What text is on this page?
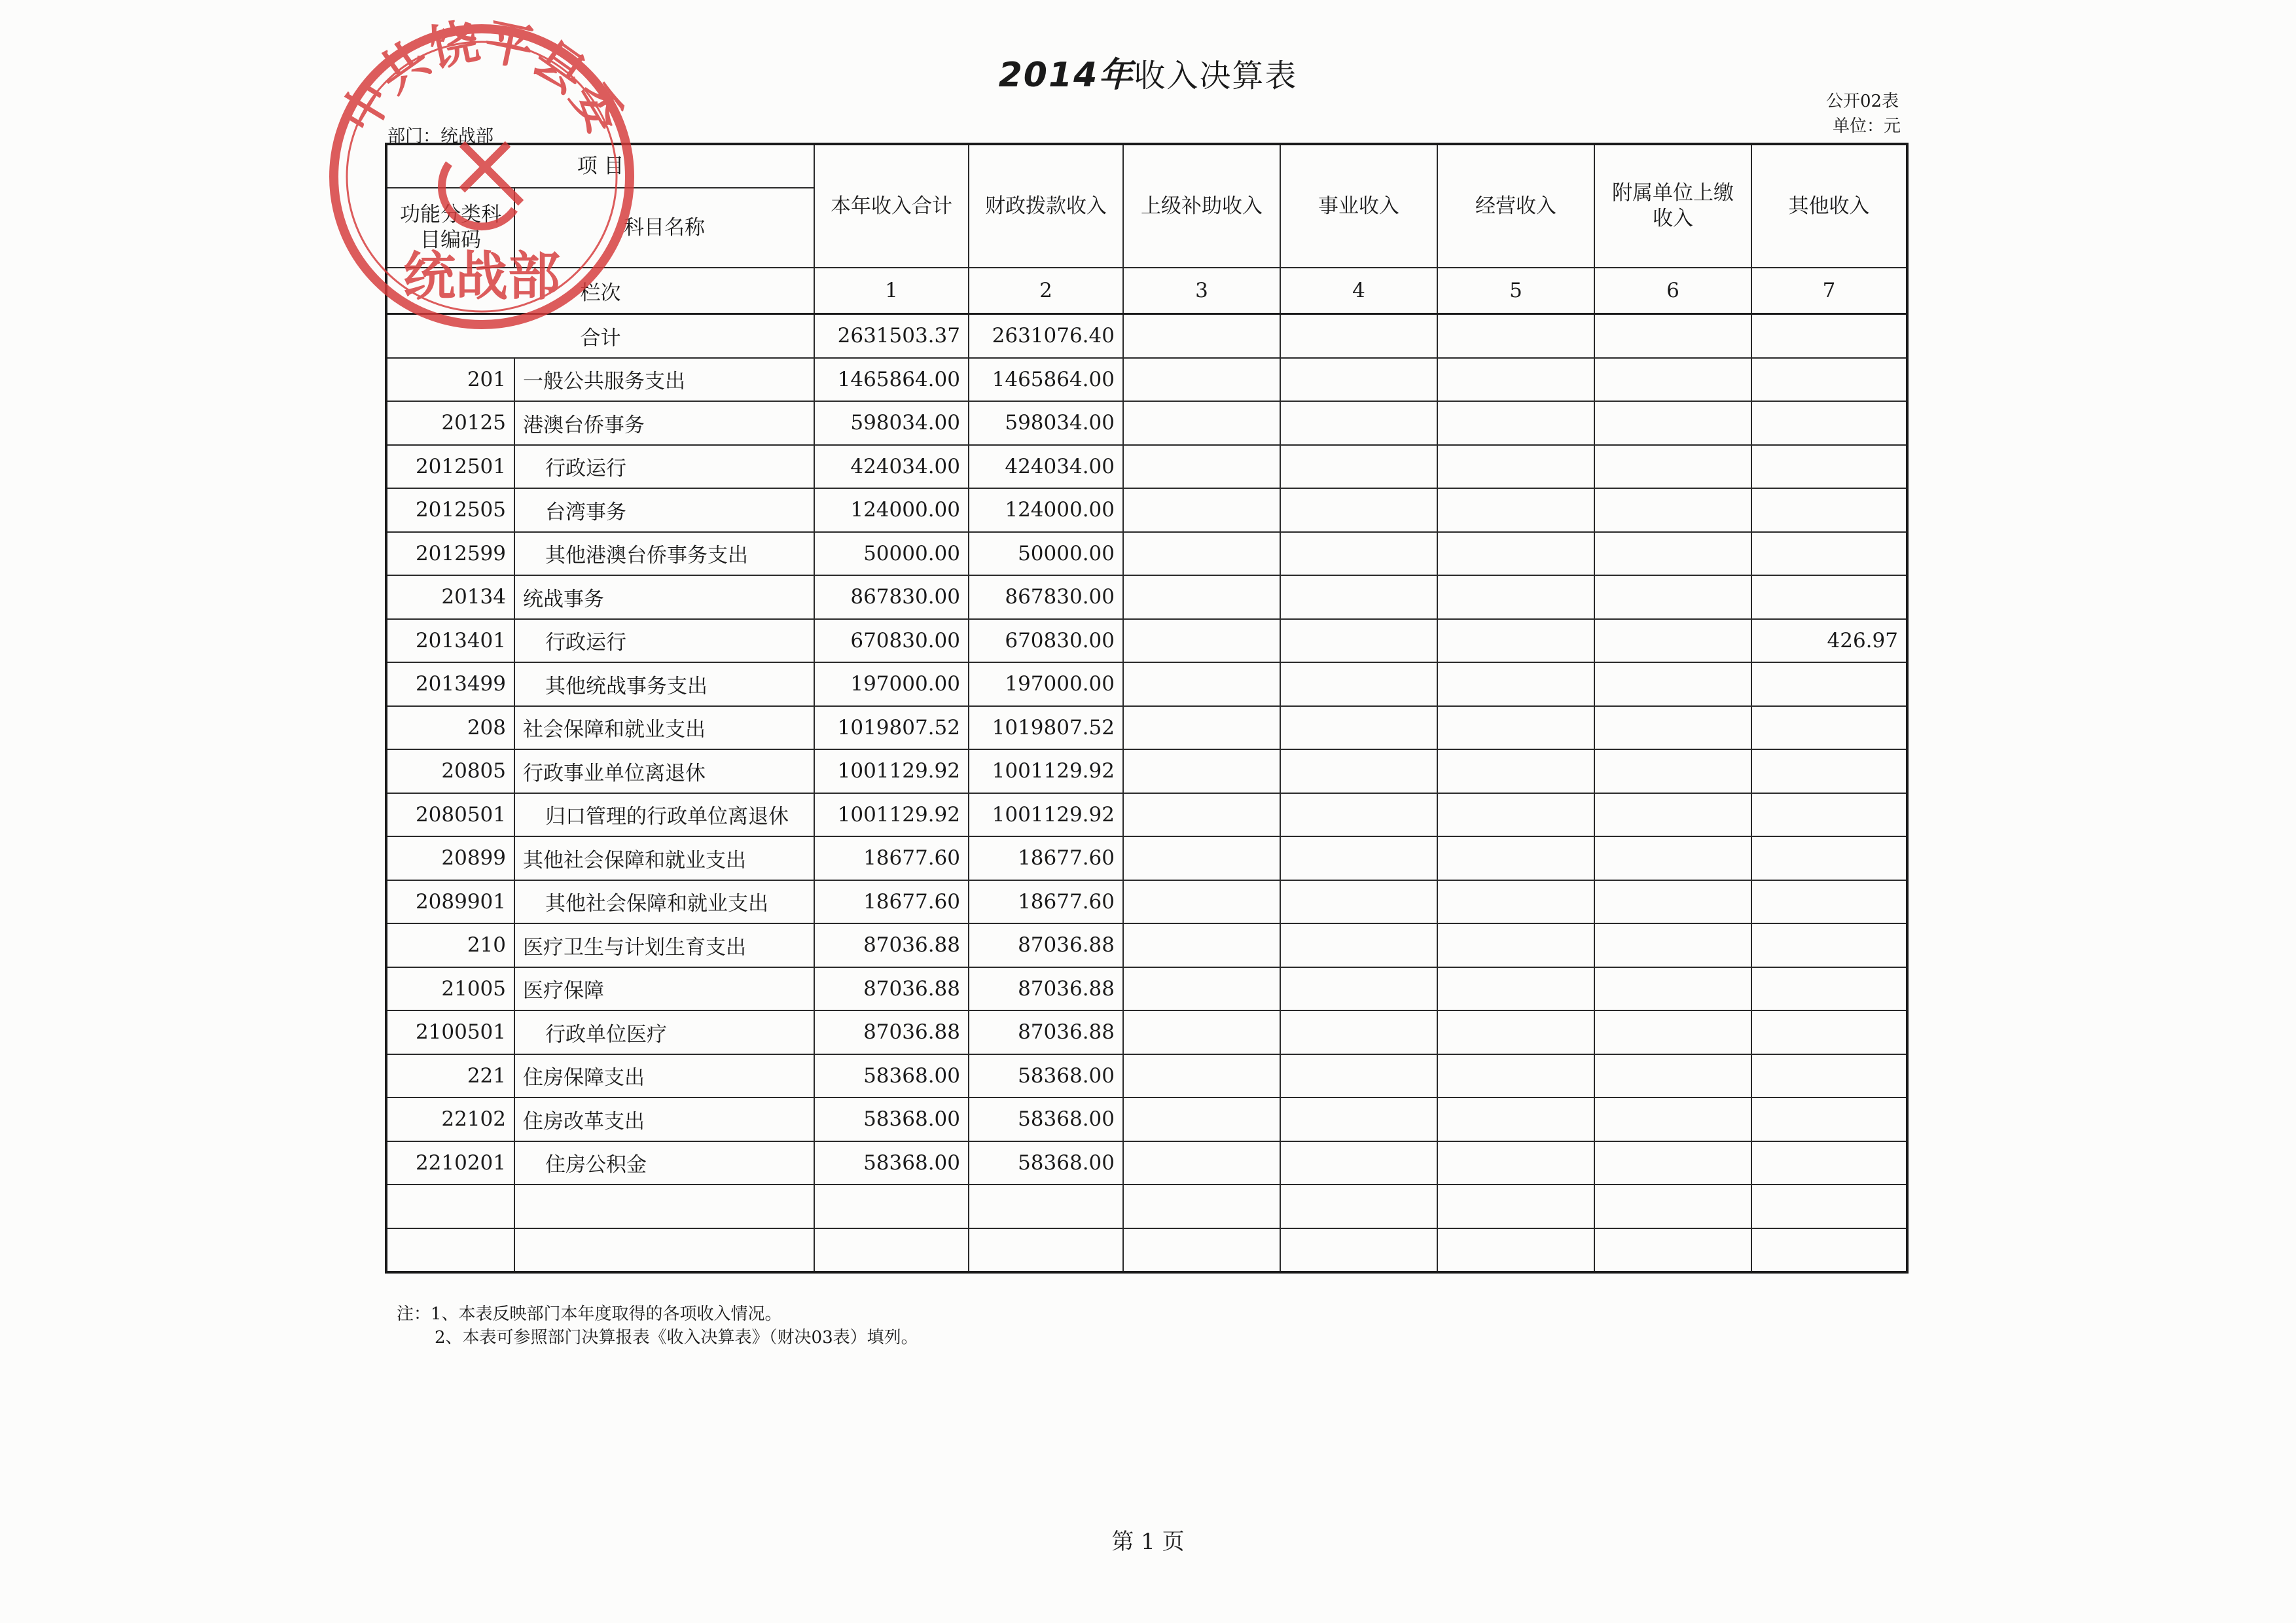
2014年收入决算表
公开02表
单位：元
部门：统战部
项 目		本年收入合计	财政拨款收入	上级补助收入	事业收入	经营收入	附属单位上缴收入	其他收入
功能分类科目编码	科目名称							
栏次		1	2	3	4	5	6	7
合计		2631503.37	2631076.40					
201	一般公共服务支出	1465864.00	1465864.00					
20125	港澳台侨事务	598034.00	598034.00					
2012501	行政运行	424034.00	424034.00					
2012505	台湾事务	124000.00	124000.00					
2012599	其他港澳台侨事务支出	50000.00	50000.00					
20134	统战事务	867830.00	867830.00					
2013401	行政运行	670830.00	670830.00					426.97
2013499	其他统战事务支出	197000.00	197000.00					
208	社会保障和就业支出	1019807.52	1019807.52					
20805	行政事业单位离退休	1001129.92	1001129.92					
2080501	归口管理的行政单位离退休	1001129.92	1001129.92					
20899	其他社会保障和就业支出	18677.60	18677.60					
2089901	其他社会保障和就业支出	18677.60	18677.60					
210	医疗卫生与计划生育支出	87036.88	87036.88					
21005	医疗保障	87036.88	87036.88					
2100501	行政单位医疗	87036.88	87036.88					
221	住房保障支出	58368.00	58368.00					
22102	住房改革支出	58368.00	58368.00					
2210201	住房公积金	58368.00	58368.00					

注：1、本表反映部门本年度取得的各项收入情况。
2、本表可参照部门决算报表《收入决算表》（财决03表）填列。
第 1 页
中共饶平县委
统战部
